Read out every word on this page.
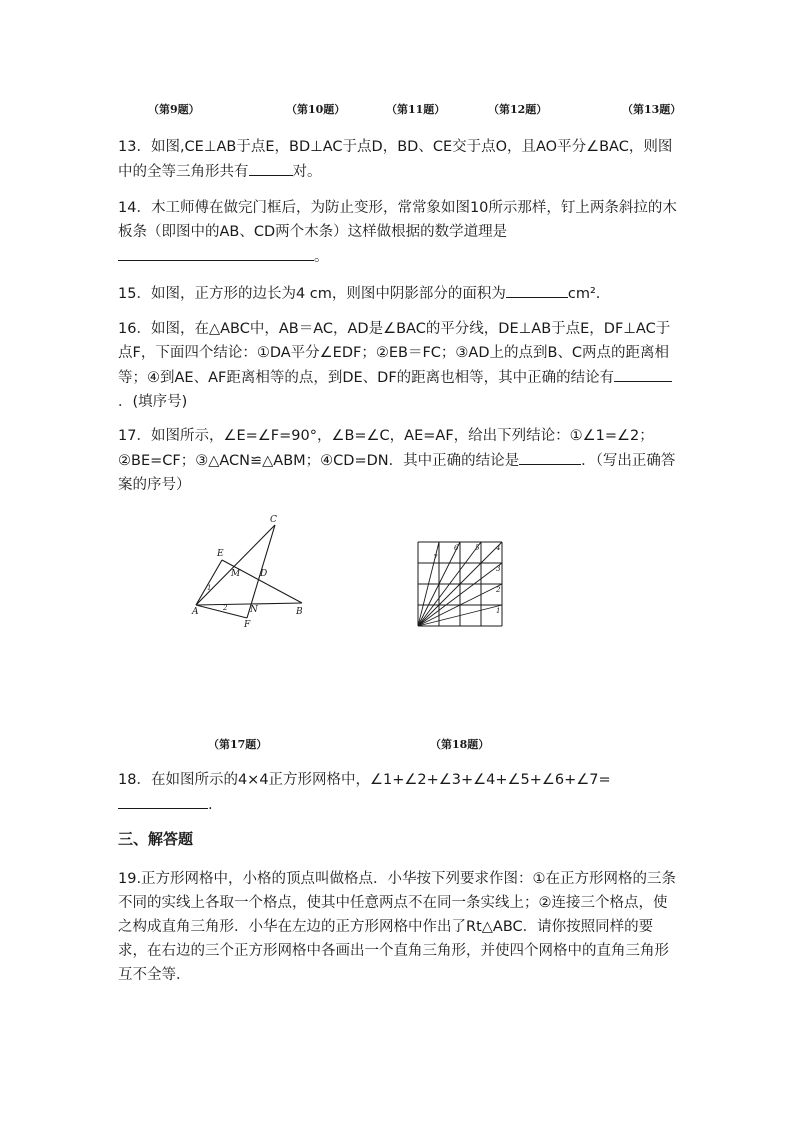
（第9题）	（第10题）	（第11题）	（第12题）	（第13题）

13．如图,CE⊥AB于点E，BD⊥AC于点D，BD、CE交于点O，且AO平分∠BAC，则图中的全等三角形共有	对。

14．木工师傅在做完门框后，为防止变形，常常象如图10所示那样，钉上两条斜拉的木板条（即图中的AB、CD两个木条）这样做根据的数学道理是。

15．如图，正方形的边长为4 cm，则图中阴影部分的面积为	cm².

16．如图，在△ABC中，AB＝AC，AD是∠BAC的平分线，DE⊥AB于点E，DF⊥AC于点F，下面四个结论：①DA平分∠EDF；②EB＝FC；③AD上的点到B、C两点的距离相等；④到AE、AF距离相等的点，到DE、DF的距离也相等，其中正确的结论有．(填序号)

17．如图所示，∠E=∠F=90°，∠B=∠C，AE=AF，给出下列结论：①∠1=∠2；②BE=CF；③△ACN≌△ABM；④CD=DN．其中正确的结论是	．（写出正确答案的序号）

C
E
M D
A	N	B
F
1
2	1
2
3
4
5
6
7
（第17题）	（第18题）

18．在如图所示的4×4正方形网格中，∠1+∠2+∠3+∠4+∠5+∠6+∠7=.

三、解答题

19.正方形网格中，小格的顶点叫做格点．小华按下列要求作图：①在正方形网格的三条不同的实线上各取一个格点，使其中任意两点不在同一条实线上；②连接三个格点，使之构成直角三角形．小华在左边的正方形网格中作出了Rt△ABC．请你按照同样的要求，在右边的三个正方形网格中各画出一个直角三角形，并使四个网格中的直角三角形互不全等．
